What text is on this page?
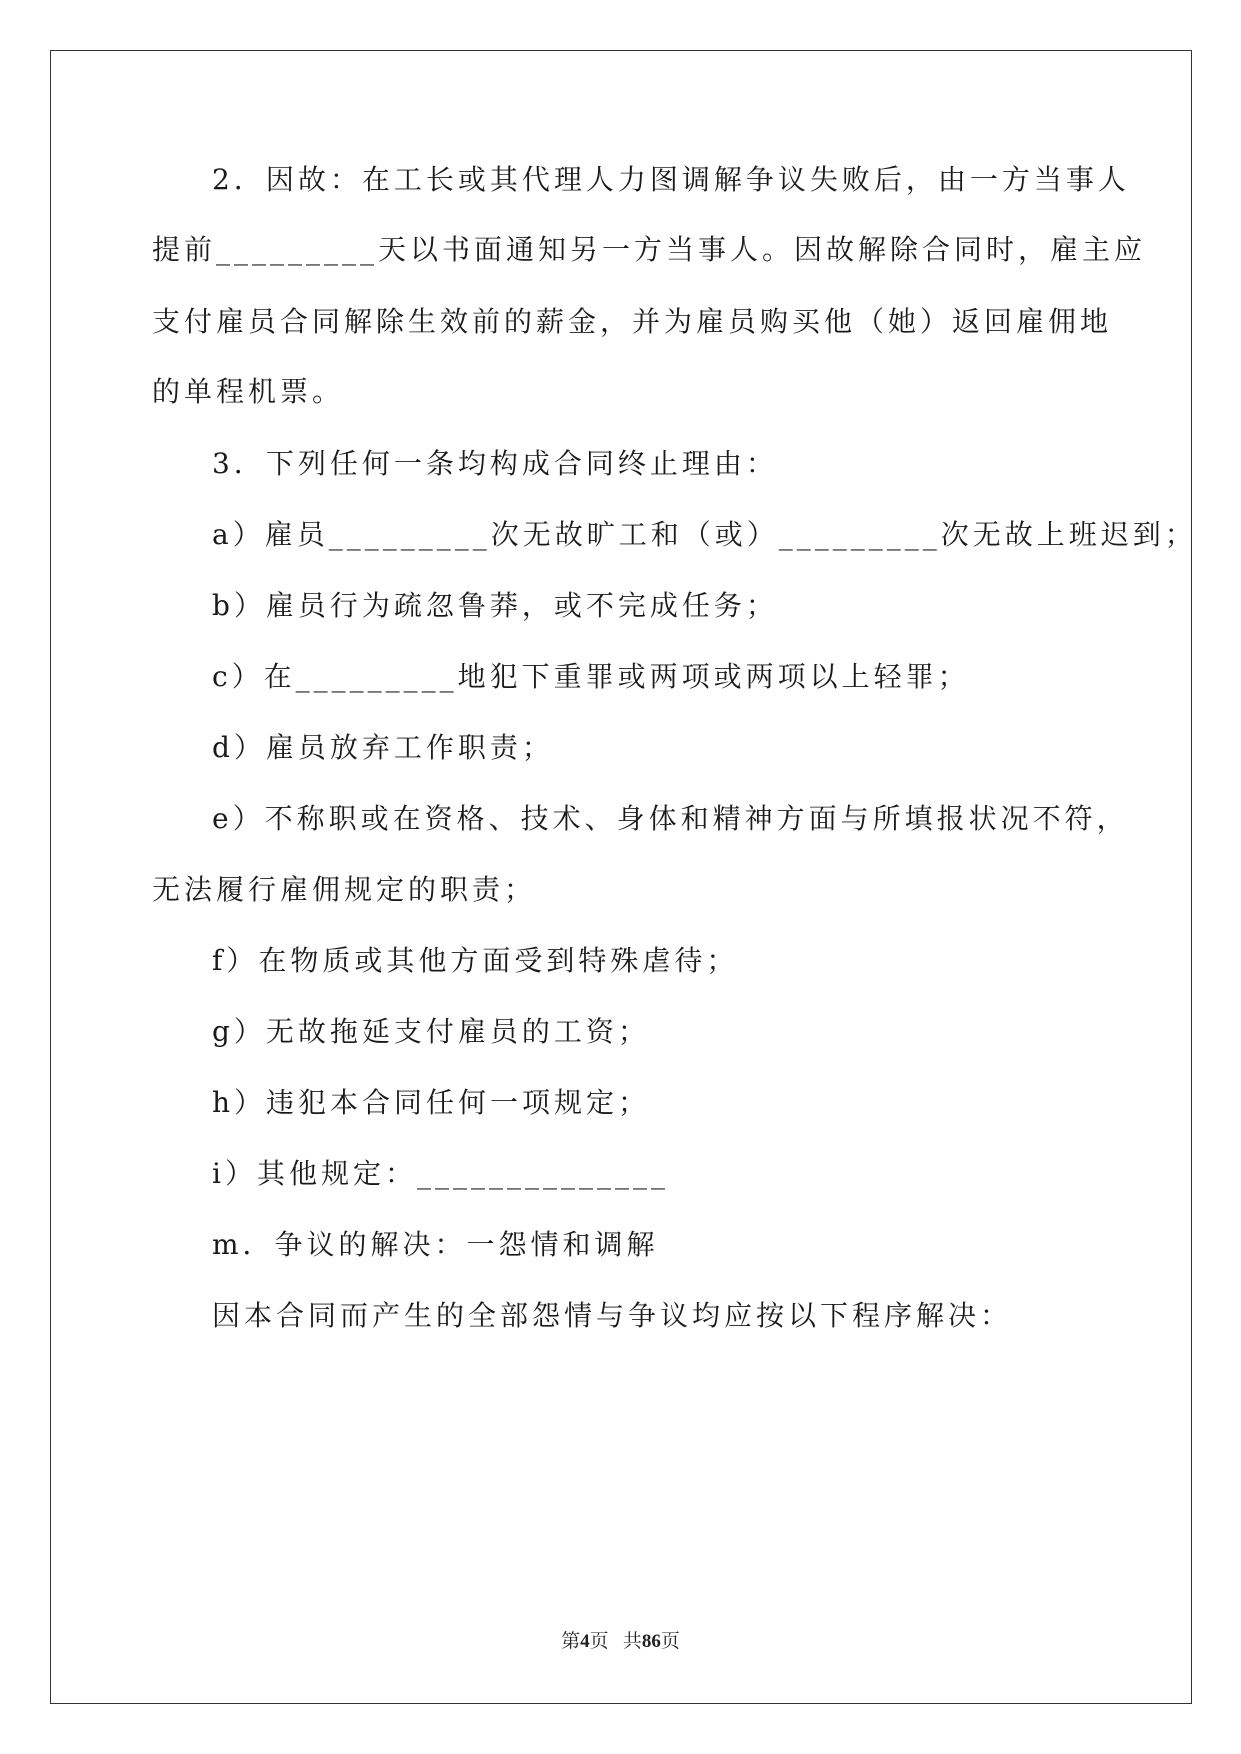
2．因故：在工长或其代理人力图调解争议失败后，由一方当事人
提前_________天以书面通知另一方当事人。因故解除合同时，雇主应
支付雇员合同解除生效前的薪金，并为雇员购买他（她）返回雇佣地
的单程机票。
3．下列任何一条均构成合同终止理由：
a）雇员_________次无故旷工和（或）_________次无故上班迟到；
b）雇员行为疏忽鲁莽，或不完成任务；
c）在_________地犯下重罪或两项或两项以上轻罪；
d）雇员放弃工作职责；
e）不称职或在资格、技术、身体和精神方面与所填报状况不符，
无法履行雇佣规定的职责；
f）在物质或其他方面受到特殊虐待；
g）无故拖延支付雇员的工资；
h）违犯本合同任何一项规定；
i）其他规定：______________
m．争议的解决：一怨情和调解
因本合同而产生的全部怨情与争议均应按以下程序解决：
第4页 共86页
